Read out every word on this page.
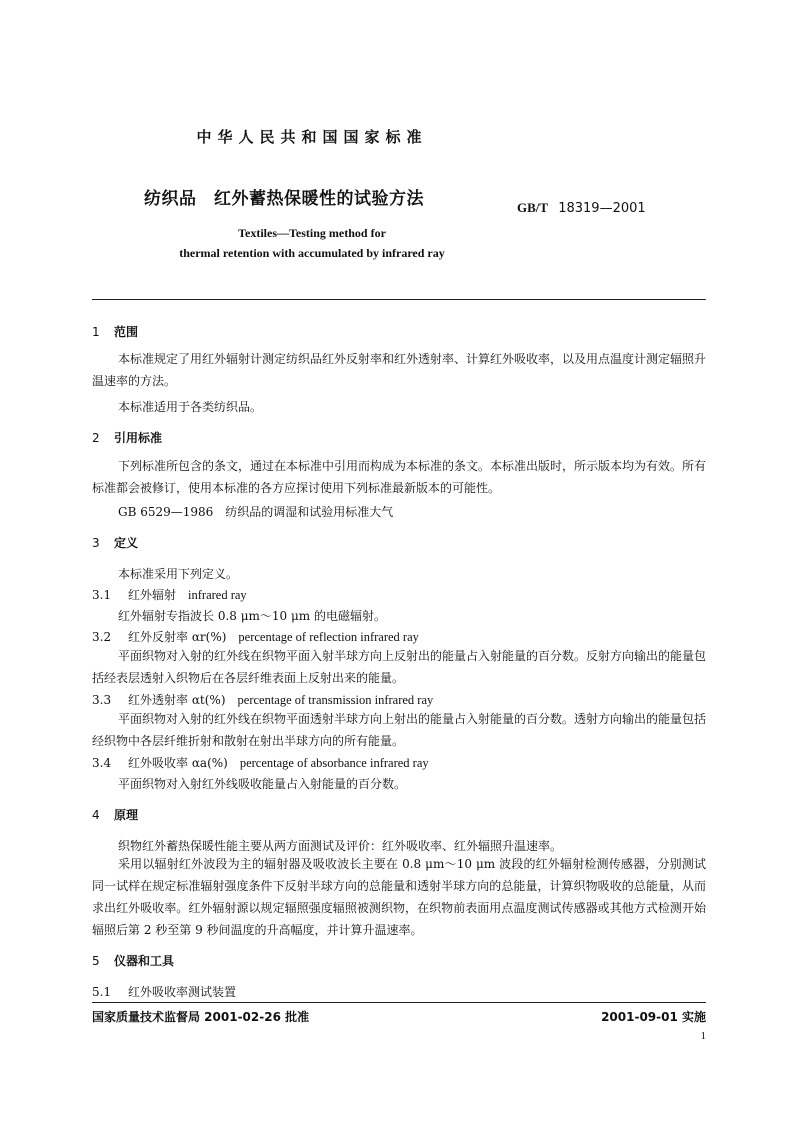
中华人民共和国国家标准
纺织品　红外蓄热保暖性的试验方法	GB/T 18319—2001
Textiles—Testing method for
thermal retention with accumulated by infrared ray
1 范围
本标准规定了用红外辐射计测定纺织品红外反射率和红外透射率、计算红外吸收率，以及用点温度计测定辐照升温速率的方法。
本标准适用于各类纺织品。
2 引用标准
下列标准所包含的条文，通过在本标准中引用而构成为本标准的条文。本标准出版时，所示版本均为有效。所有标准都会被修订，使用本标准的各方应探讨使用下列标准最新版本的可能性。
GB 6529—1986　纺织品的调湿和试验用标准大气
3 定义
本标准采用下列定义。
3.1 红外辐射　infrared ray
红外辐射专指波长 0.8 μm～10 μm 的电磁辐射。
3.2 红外反射率 αr(%)　percentage of reflection infrared ray
平面织物对入射的红外线在织物平面入射半球方向上反射出的能量占入射能量的百分数。反射方向输出的能量包括经表层透射入织物后在各层纤维表面上反射出来的能量。
3.3 红外透射率 αt(%)　percentage of transmission infrared ray
平面织物对入射的红外线在织物平面透射半球方向上射出的能量占入射能量的百分数。透射方向输出的能量包括经织物中各层纤维折射和散射在射出半球方向的所有能量。
3.4 红外吸收率 αa(%)　percentage of absorbance infrared ray
平面织物对入射红外线吸收能量占入射能量的百分数。
4 原理
织物红外蓄热保暖性能主要从两方面测试及评价：红外吸收率、红外辐照升温速率。
采用以辐射红外波段为主的辐射器及吸收波长主要在 0.8 μm～10 μm 波段的红外辐射检测传感器，分别测试同一试样在规定标准辐射强度条件下反射半球方向的总能量和透射半球方向的总能量，计算织物吸收的总能量，从而求出红外吸收率。红外辐射源以规定辐照强度辐照被测织物，在织物前表面用点温度测试传感器或其他方式检测开始辐照后第 2 秒至第 9 秒间温度的升高幅度，并计算升温速率。
5 仪器和工具
5.1 红外吸收率测试装置
国家质量技术监督局 2001-02-26 批准	2001-09-01 实施
1
